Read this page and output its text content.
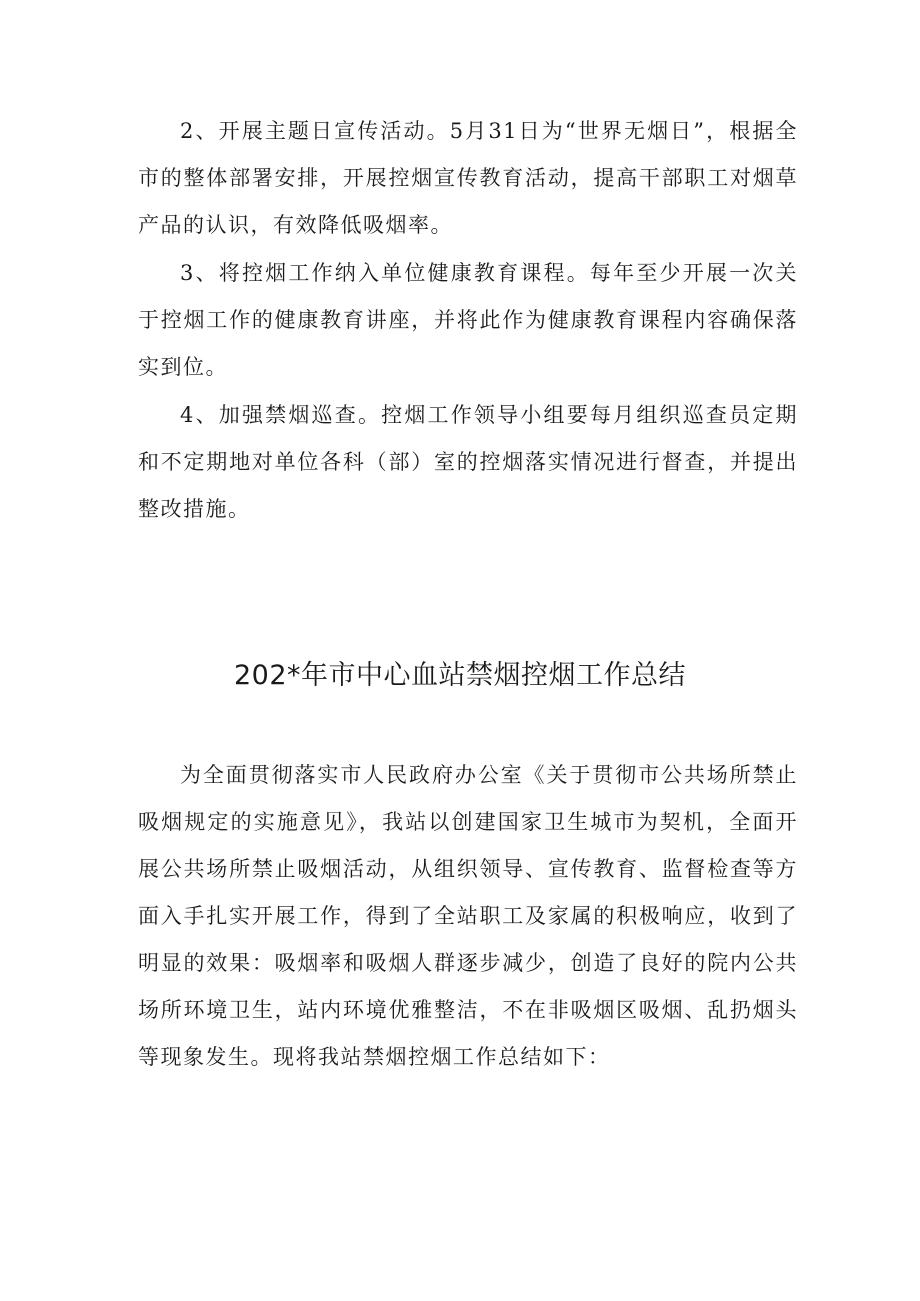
2、开展主题日宣传活动。5月31日为“世界无烟日”，根据全市的整体部署安排，开展控烟宣传教育活动，提高干部职工对烟草产品的认识，有效降低吸烟率。

3、将控烟工作纳入单位健康教育课程。每年至少开展一次关于控烟工作的健康教育讲座，并将此作为健康教育课程内容确保落实到位。

4、加强禁烟巡查。控烟工作领导小组要每月组织巡查员定期和不定期地对单位各科（部）室的控烟落实情况进行督查，并提出整改措施。

202*年市中心血站禁烟控烟工作总结

为全面贯彻落实市人民政府办公室《关于贯彻市公共场所禁止吸烟规定的实施意见》，我站以创建国家卫生城市为契机，全面开展公共场所禁止吸烟活动，从组织领导、宣传教育、监督检查等方面入手扎实开展工作，得到了全站职工及家属的积极响应，收到了明显的效果：吸烟率和吸烟人群逐步减少，创造了良好的院内公共场所环境卫生，站内环境优雅整洁，不在非吸烟区吸烟、乱扔烟头等现象发生。现将我站禁烟控烟工作总结如下：
